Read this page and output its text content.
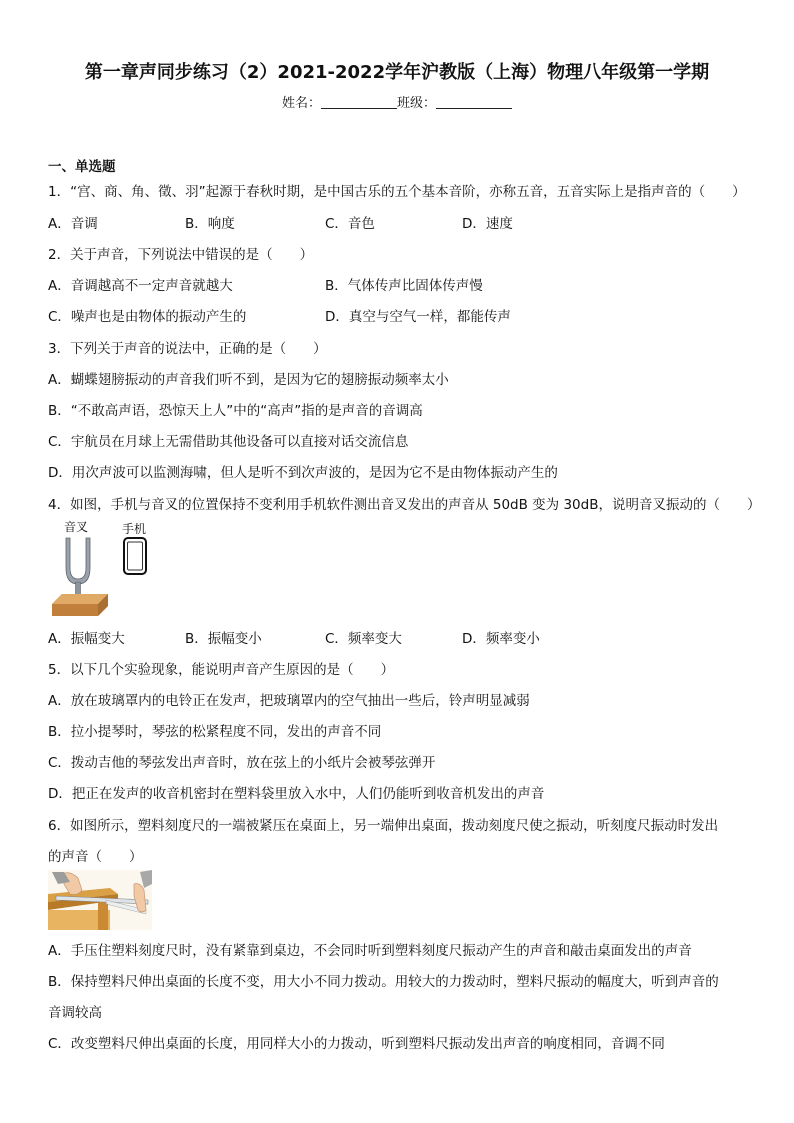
第一章声同步练习（2）2021-2022学年沪教版（上海）物理八年级第一学期
姓名：	班级：
一、单选题
1．“宫、商、角、徵、羽”起源于春秋时期，是中国古乐的五个基本音阶，亦称五音，五音实际上是指声音的（　　）
A．音调	B．响度	C．音色	D．速度
2．关于声音，下列说法中错误的是（　　）
A．音调越高不一定声音就越大	B．气体传声比固体传声慢
C．噪声也是由物体的振动产生的	D．真空与空气一样，都能传声
3．下列关于声音的说法中，正确的是（　　）
A．蝴蝶翅膀振动的声音我们听不到，是因为它的翅膀振动频率太小
B．“不敢高声语，恐惊天上人”中的“高声”指的是声音的音调高
C．宇航员在月球上无需借助其他设备可以直接对话交流信息
D．用次声波可以监测海啸，但人是听不到次声波的，是因为它不是由物体振动产生的
4．如图，手机与音叉的位置保持不变利用手机软件测出音叉发出的声音从 50dB 变为 30dB，说明音叉振动的（　　）
音叉	手机
A．振幅变大	B．振幅变小	C．频率变大	D．频率变小
5．以下几个实验现象，能说明声音产生原因的是（　　）
A．放在玻璃罩内的电铃正在发声，把玻璃罩内的空气抽出一些后，铃声明显减弱
B．拉小提琴时，琴弦的松紧程度不同，发出的声音不同
C．拨动吉他的琴弦发出声音时，放在弦上的小纸片会被琴弦弹开
D．把正在发声的收音机密封在塑料袋里放入水中，人们仍能听到收音机发出的声音
6．如图所示，塑料刻度尺的一端被紧压在桌面上，另一端伸出桌面，拨动刻度尺使之振动，听刻度尺振动时发出
的声音（　　）
A．手压住塑料刻度尺时，没有紧靠到桌边，不会同时听到塑料刻度尺振动产生的声音和敲击桌面发出的声音
B．保持塑料尺伸出桌面的长度不变，用大小不同力拨动。用较大的力拨动时，塑料尺振动的幅度大，听到声音的
音调较高
C．改变塑料尺伸出桌面的长度，用同样大小的力拨动，听到塑料尺振动发出声音的响度相同，音调不同
